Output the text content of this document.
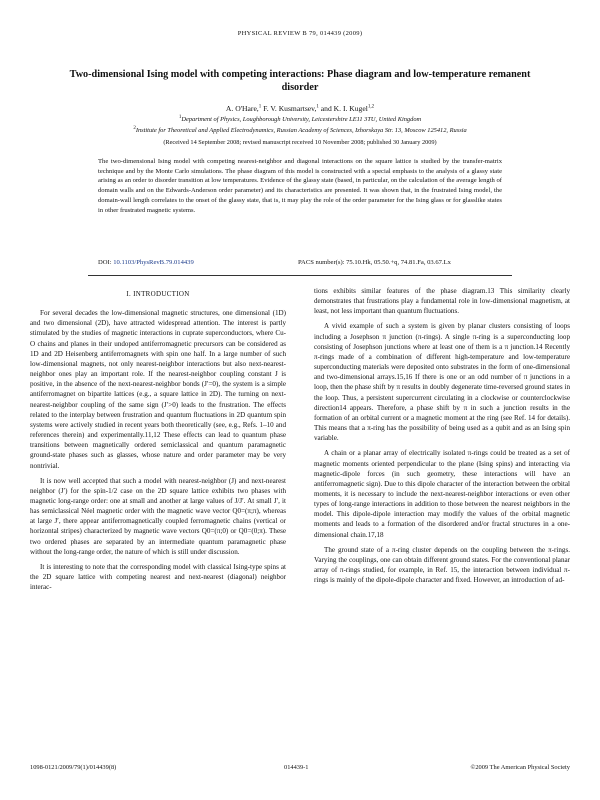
PHYSICAL REVIEW B 79, 014439 (2009)
Two-dimensional Ising model with competing interactions: Phase diagram and low-temperature remanent disorder
A. O'Hare,$^1$ F. V. Kusmartsev,$^1$ and K. I. Kugel$^{1,2}$
$^1$Department of Physics, Loughborough University, Leicestershire LE11 3TU, United Kingdom
$^2$Institute for Theoretical and Applied Electrodynamics, Russian Academy of Sciences, Izhorskaya Str. 13, Moscow 125412, Russia
(Received 14 September 2008; revised manuscript received 10 November 2008; published 30 January 2009)
The two-dimensional Ising model with competing nearest-neighbor and diagonal interactions on the square lattice is studied by the transfer-matrix technique and by the Monte Carlo simulations. The phase diagram of this model is constructed with a special emphasis to the analysis of a glassy state arising as an order to disorder transition at low temperatures. Evidence of the glassy state (based, in particular, on the calculation of the average length of domain walls and on the Edwards-Anderson order parameter) and its characteristics are presented. It was shown that, in the frustrated Ising model, the domain-wall length correlates to the onset of the glassy state, that is, it may play the role of the order parameter for the Ising glass or for glasslike states in other frustrated magnetic systems.
DOI: 10.1103/PhysRevB.79.014439	PACS number(s): 75.10.Hk, 05.50.+q, 74.81.Fa, 03.67.Lx
I. INTRODUCTION

For several decades the low-dimensional magnetic structures, one dimensional (1D) and two dimensional (2D), have attracted widespread attention. The interest is partly stimulated by the studies of magnetic interactions in cuprate superconductors, where Cu-O chains and planes in their undoped antiferromagnetic precursors can be considered as 1D and 2D Heisenberg antiferromagnets with spin one half. In a large number of such low-dimensional magnets, not only nearest-neighbor interactions but also next-nearest-neighbor ones play an important role. If the nearest-neighbor coupling constant J is positive, in the absence of the next-nearest-neighbor bonds (J′=0), the system is a simple antiferromagnet on bipartite lattices (e.g., a square lattice in 2D). The turning on next-nearest-neighbor coupling of the same sign (J′>0) leads to the frustration. The effects related to the interplay between frustration and quantum fluctuations in 2D quantum spin systems were actively studied in recent years both theoretically (see, e.g., Refs. 1–10 and references therein) and experimentally.11,12 These effects can lead to quantum phase transitions between magnetically ordered semiclassical and quantum paramagnetic ground-state phases such as glasses, whose nature and order parameter may be very nontrivial.

It is now well accepted that such a model with nearest-neighbor (J) and next-nearest neighbor (J′) for the spin-1/2 case on the 2D square lattice exhibits two phases with magnetic long-range order: one at small and another at large values of J/J′. At small J′, it has semiclassical Néel magnetic order with the magnetic wave vector Q0=(π;π), whereas at large J′, there appear antiferromagnetically coupled ferromagnetic chains (vertical or horizontal stripes) characterized by magnetic wave vectors Q0=(π;0) or Q0=(0;π). These two ordered phases are separated by an intermediate quantum paramagnetic phase without the long-range order, the nature of which is still under discussion.

It is interesting to note that the corresponding model with classical Ising-type spins at the 2D square lattice with competing nearest and next-nearest (diagonal) neighbor interac-

tions exhibits similar features of the phase diagram.13 This similarity clearly demonstrates that frustrations play a fundamental role in low-dimensional magnetism, at least, not less important than quantum fluctuations.

A vivid example of such a system is given by planar clusters consisting of loops including a Josephson π junction (π-rings). A single π-ring is a superconducting loop consisting of Josephson junctions where at least one of them is a π junction.14 Recently π-rings made of a combination of different high-temperature and low-temperature superconducting materials were deposited onto substrates in the form of one-dimensional and two-dimensional arrays.15,16 If there is one or an odd number of π junctions in a loop, then the phase shift by π results in doubly degenerate time-reversed ground states in the loop. Thus, a persistent supercurrent circulating in a clockwise or counterclockwise direction14 appears. Therefore, a phase shift by π in such a junction results in the formation of an orbital current or a magnetic moment at the ring (see Ref. 14 for details). This means that a π-ring has the possibility of being used as a qubit and as an Ising spin variable.

A chain or a planar array of electrically isolated π-rings could be treated as a set of magnetic moments oriented perpendicular to the plane (Ising spins) and interacting via magnetic-dipole forces (in such geometry, these interactions will have an antiferromagnetic sign). Due to this dipole character of the interaction between the orbital moments, it is necessary to include the next-nearest-neighbor interactions or even other types of long-range interactions in addition to those between the nearest neighbors in the model. This dipole-dipole interaction may modify the values of the orbital magnetic moments and leads to a formation of the disordered and/or fractal structures in a one-dimensional chain.17,18

The ground state of a π-ring cluster depends on the coupling between the π-rings. Varying the couplings, one can obtain different ground states. For the conventional planar array of π-rings studied, for example, in Ref. 15, the interaction between individual π-rings is mainly of the dipole-dipole character and fixed. However, an introduction of ad-

1098-0121/2009/79(1)/014439(8)	014439-1	©2009 The American Physical Society
